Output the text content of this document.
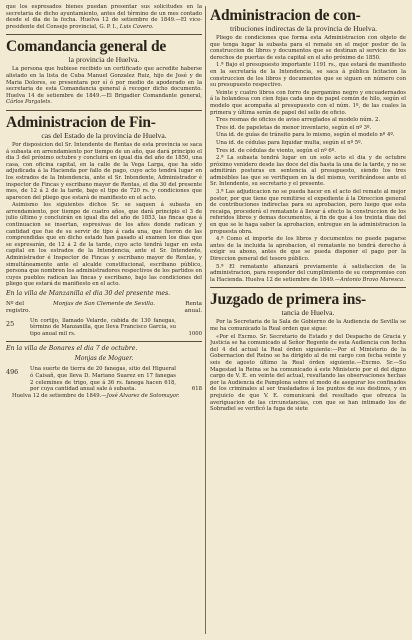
que los espresados bienes puedan presentar sus solicitudes en la secretaria de dicho ayuntamiento, antes del término de un mes contado desde el dia de la fecha. Huelva 12 de setiembre de 1849.—El vice-presidente del Consejo provincial, G. P. I., Luis Cavero.

Comandancia general de
la provincia de Huelva.

La persona que hubiese recibido un certificado que acredite haberse alistado en la lista de Cuba Manuel Gonzalez Ruiz, hijo de José y de Maria Dolores, se presentara por sí ó por medio de apoderado en la secretaria de esta Comandancia general á recoger dicho documento. Huelva 14 de setiembre de 1849.—El Brigadier Comandante general, Cárlos Pargalets.

Administracion de Fin-
cas del Estado de la provincia de Huelva.

Por disposicion del Sr. Intendente de Rentas de esta provincia se saca á subasta en arrendamiento por tiempo de un año, que dará principio el dia 3 del próximo octubre y concluirá en igual dia del año de 1850, una casa, con oficina capital, en la calle de la Vega Larga, que ha sido adjudicada á la Hacienda por fallo de pago, cuyo acto tendrá lugar en los estrados de la Intendencia, ante el Sr. Intendente, Administrador é inspector de Fincas y escribano mayor de Rentas, el dia 30 del presente mes, de 12 á 2 de la tarde, bajo el tipo de 720 rs. y condiciones que aparecen del pliego que estará de manifiesto en el acto.

Asimismo los siguientes dichos Sr. se saquen á subasta en arrendamiento, por tiempo de cuatro años, que dará principio el 3 de julio último y concluirán en igual dia del año de 1853, las fincas que á continuacion se insertan, espresivas de los años donde radican y cantidad que fue de su servir de tipo á cada una, que fueron de las comprendidas que en dicho estado han pasado al examen los dias que se espresarán, de 12 á 2 de la tarde, cuyo acto tendrá lugar en esta capital en los estrados de la Intendencia, ante el Sr. Intendente, Administrador é Inspector de Fincas y escribano mayor de Rentas, y simultáneamente ante el alcalde constitucional, escribano público, persona que nombren los administradores respectivos de los partidos en cuyos pueblos radican las fincas y escribano, bajo las condiciones del pliego que estará de manifiesto en el acto.

En la villa de Manzanilla el dia 30 del presente mes.
Nº del registro.
Monjas de San Clemente de Sevilla.	Renta anual.
25	Un cortijo, llamado Velarde, cabida de 130 fanegas, término de Manzanilla, que lleva Francisco Garcia, su tipo anual mil rs.	1000
En la villa de Bonares el dia 7 de octubre.
Monjas de Moguer.
496	Una suerte de tierra de 20 fanegas, sitio del Higueral ó Caisañ, que lleva D. Mariano Suarez en 17 fanegas 2 celemines de trigo, que á 36 rs. fanega hacen 618, por cuya cantidad anual sale á subasta.	618

Huelva 12 de setiembre de 1849.—José Alvarez de Sotomayor.

Administracion de con-
tribuciones indirectas de la provincia de Huelva.

Pliego de condiciones que forma esta Administracion con objeto de que tenga lugar la subasta para el remate en el mejor postor de la construccion de libros y documentos que se destinan al servicio de los derechos de puertas de esta capital en el año próximo de 1850.

1.ª Bajo el presupuesto importante 1191 rs., que estará de manifiesto en la secretaría de la Intendencia, se saca á pública licitacion la construccion de los libros y documentos que se siguen en número con su presupuesto respectivo.

Veinte y cuatro libros con forro de pergamino negro y encuadernados á la holandesa con cien fojas cada uno de papel común de hilo, según el modelo que acompaña al presupuesto con el núm. 1º, de las cuales la primera y última serán de papel del sello de oficio.

Tres resmas de oficios de aviso arreglados al modelo núm. 2.

Tres id. de papeletas de menor inventario, según el nº 3º.

Una id. de guías de tránsito para lo mismo, según el modelo nº 4º.

Una id. de cédulas para liquidar multa, según el nº 5º.

Tres id. de cédulas de viento, según el nº 6º.

2.ª La subasta tendrá lugar en un solo acto el dia y de octubre próximo venidero desde las doce del día hasta la una de la tarde, y no se admitirán posturas en sentencia al presupuesto, siendo los tres admisibles las que se verifiquen en la del mismo, verificándose ante el Sr. Intendente, su secretario y el presente.

3.ª Las adjudicacion no se pueda hacer en el acto del remate al mejor postor, por que tiene que remitirse el expediente á la Direccion general de contribuciones indirectas para su aprobacion, pero luego que esta recaiga, procederá el rematante á llevar á efecto la construccion de los referidos libros y demas documentos, á fin de que á los treinta dias del en que se le haga saber la aprobacion, entregue en la administracion la propuesta obra.

4.ª Como el importe de los libros y documentos no puede pagarse antes de la incluida la aprobacion, el rematante no tendrá derecho á exigir su abono, antes de que se pueda disponer el pago por la Direccion general del tesoro público.

5.ª El rematante afianzará previamente á satisfaccion de la administracion, para responder del cumplimiento de su compromiso con la Hacienda. Huelva 12 de setiembre de 1849.—Antonio Bravo Maresca.

Juzgado de primera ins-
tancia de Huelva.

Por la Secretaria de la Sala de Gobierno de la Audiencia de Sevilla se me ha comunicado la Real orden que sigue:

«Por el Excmo. Sr. Secretario de Estado y del Despacho de Gracia y Justicia se ha comunicado al Señor Regente de esta Audiencia con fecha del 4 del actual la Real órden siguiente:—Por el Ministerio de la Gobernacion del Reino se ha dirigido al de mi cargo con fecha veinte y seis de agosto último la Real órden siguiente.—Excmo. Sr.—Su Magestad la Reina se ha comunicado á este Ministerio por el del digno cargo de V. E. en veinte del actual, resultando las observaciones hechas por la Audiencia de Pamplona sobre el modo de asegurar los confinados de los criminales al ser trasladados á los puntos de sus destinos, y en prejuicio de que V. E. comunicará del resultado que ofrezca la averiguacion de las circunstancias, con que se han intimado los de Sobradiel se verificó la fuga de siete
